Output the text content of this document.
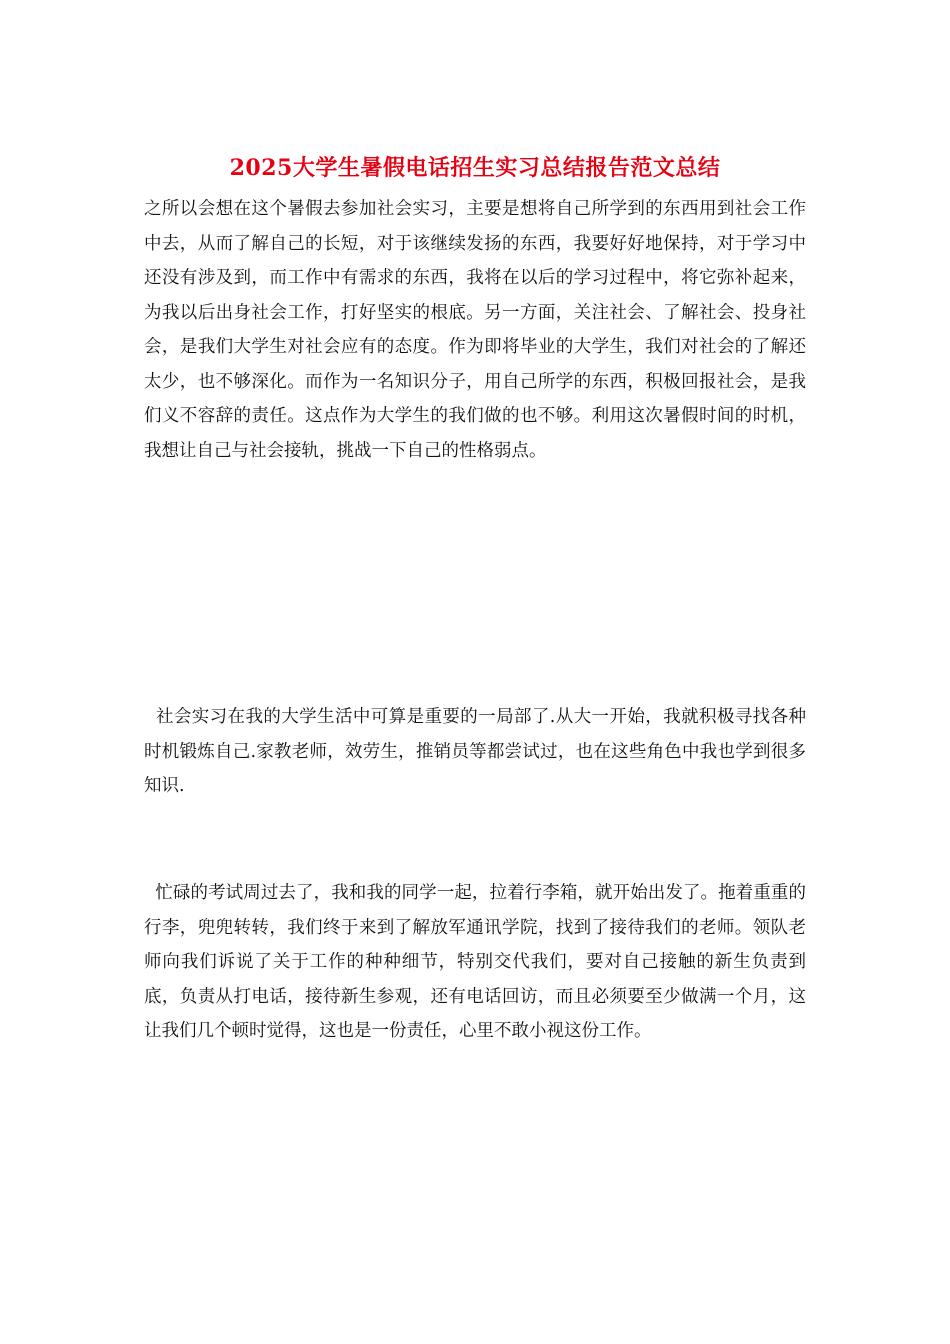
2025大学生暑假电话招生实习总结报告范文总结

之所以会想在这个暑假去参加社会实习，主要是想将自己所学到的东西用到社会工作中去，从而了解自己的长短，对于该继续发扬的东西，我要好好地保持，对于学习中还没有涉及到，而工作中有需求的东西，我将在以后的学习过程中，将它弥补起来，为我以后出身社会工作，打好坚实的根底。另一方面，关注社会、了解社会、投身社会，是我们大学生对社会应有的态度。作为即将毕业的大学生，我们对社会的了解还太少，也不够深化。而作为一名知识分子，用自己所学的东西，积极回报社会，是我们义不容辞的责任。这点作为大学生的我们做的也不够。利用这次暑假时间的时机，我想让自己与社会接轨，挑战一下自己的性格弱点。

社会实习在我的大学生活中可算是重要的一局部了.从大一开始，我就积极寻找各种时机锻炼自己.家教老师，效劳生，推销员等都尝试过，也在这些角色中我也学到很多知识.

忙碌的考试周过去了，我和我的同学一起，拉着行李箱，就开始出发了。拖着重重的行李，兜兜转转，我们终于来到了解放军通讯学院，找到了接待我们的老师。领队老师向我们诉说了关于工作的种种细节，特别交代我们，要对自己接触的新生负责到底，负责从打电话，接待新生参观，还有电话回访，而且必须要至少做满一个月，这让我们几个顿时觉得，这也是一份责任，心里不敢小视这份工作。
